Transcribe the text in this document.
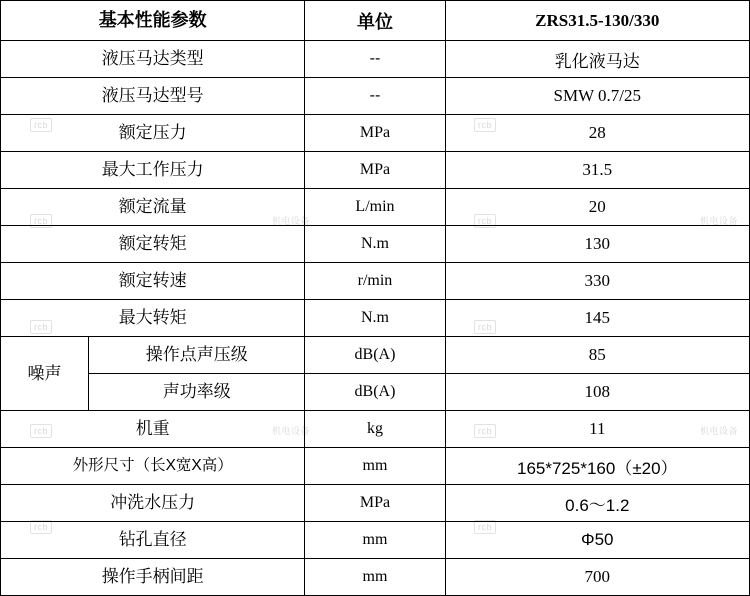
rcb	rcb
rcb	rcb
机电设备	机电设备
rcb	rcb
rcb	rcb
机电设备	机电设备
rcb	rcb
基本性能参数		单位	ZRS31.5-130/330
液压马达类型		--	乳化液马达
液压马达型号		--	SMW 0.7/25
额定压力		MPa	28
最大工作压力		MPa	31.5
额定流量		L/min	20
额定转矩		N.m	130
额定转速		r/min	330
最大转矩		N.m	145
噪声	操作点声压级	dB(A)	85
	声功率级	dB(A)	108
机重		kg	11
外形尺寸（长X宽X高）		mm	165*725*160（±20）
冲洗水压力		MPa	0.6～1.2
钻孔直径		mm	Φ50
操作手柄间距		mm	700
